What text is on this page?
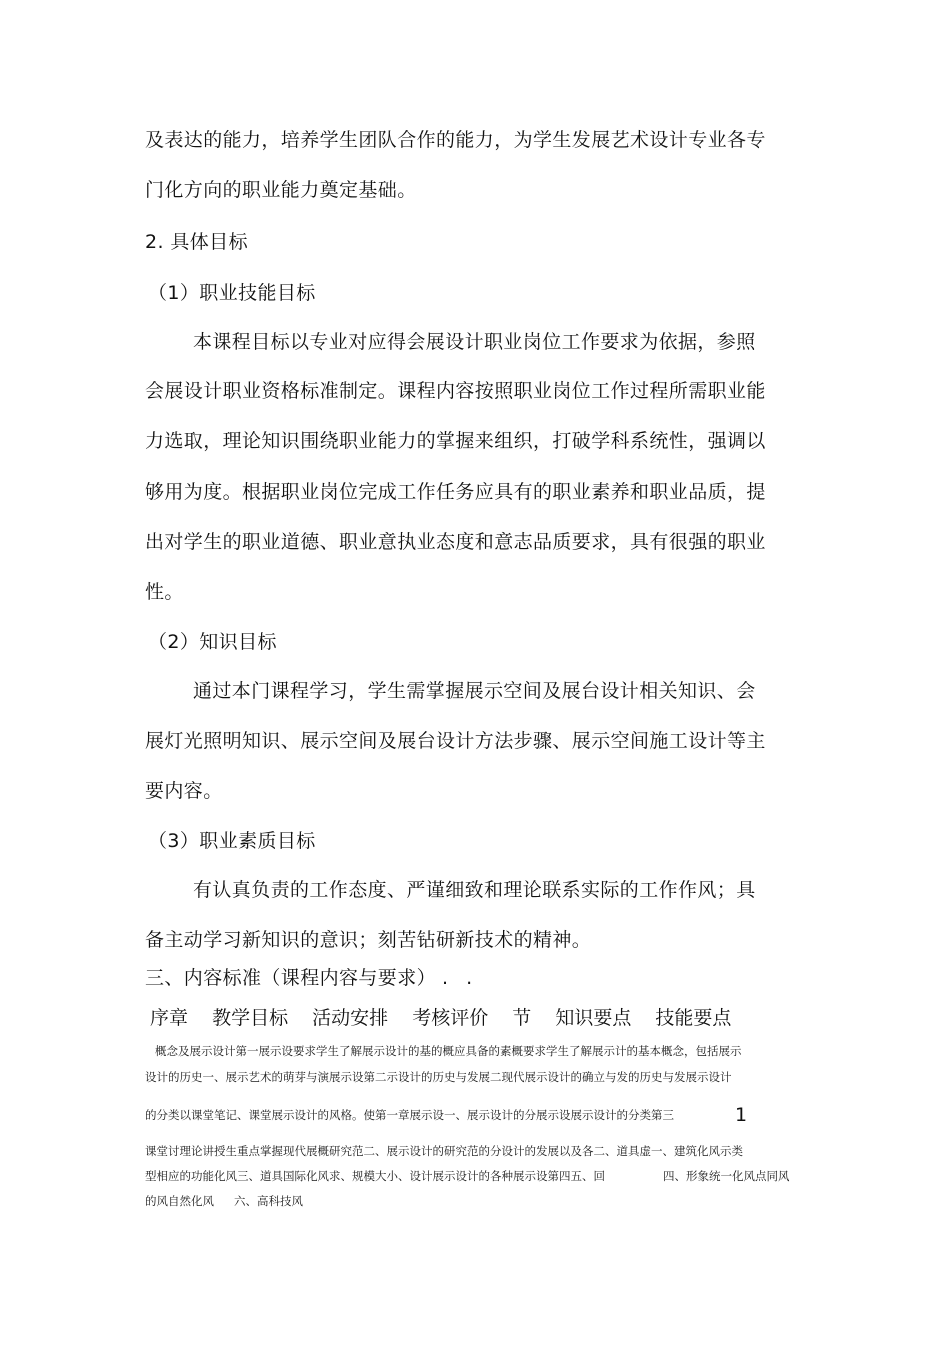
及表达的能力，培养学生团队合作的能力，为学生发展艺术设计专业各专
门化方向的职业能力奠定基础。
2. 具体目标
（1）职业技能目标
本课程目标以专业对应得会展设计职业岗位工作要求为依据，参照
会展设计职业资格标准制定。课程内容按照职业岗位工作过程所需职业能
力选取，理论知识围绕职业能力的掌握来组织，打破学科系统性，强调以
够用为度。根据职业岗位完成工作任务应具有的职业素养和职业品质，提
出对学生的职业道德、职业意执业态度和意志品质要求，具有很强的职业
性。
（2）知识目标
通过本门课程学习，学生需掌握展示空间及展台设计相关知识、会
展灯光照明知识、展示空间及展台设计方法步骤、展示空间施工设计等主
要内容。
（3）职业素质目标
有认真负责的工作态度、严谨细致和理论联系实际的工作作风；具
备主动学习新知识的意识；刻苦钻研新技术的精神。
三、内容标准（课程内容与要求） . .
序章 教学目标 活动安排 考核评价 节 知识要点 技能要点
概念及展示设计第一展示设要求学生了解展示设计的基的概应具备的素概要求学生了解展示计的基本概念，包括展示
设计的历史一、展示艺术的萌芽与演展示设第二示设计的历史与发展二现代展示设计的确立与发的历史与发展示设计
的分类以课堂笔记、课堂展示设计的风格。使第一章展示设一、展示设计的分展示设展示设计的分类第三	1
课堂讨理论讲授生重点掌握现代展概研究范二、展示设计的研究范的分设计的发展以及各二、道具虚一、建筑化风示类
型相应的功能化风三、道具国际化风求、规模大小、设计展示设计的各种展示设第四五、回	四、形象统一化风点同风
的风自然化风 六、高科技风
